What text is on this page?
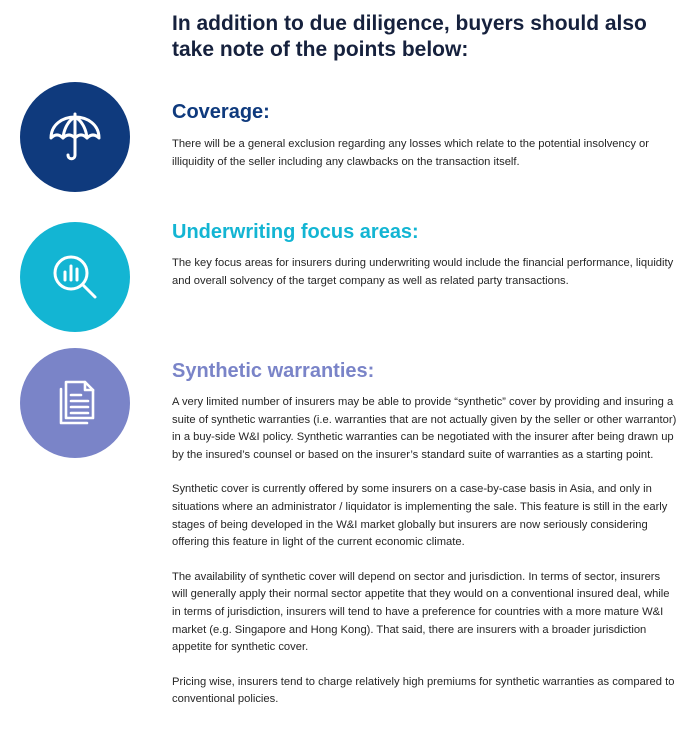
In addition to due diligence, buyers should also take note of the points below:
Coverage:

There will be a general exclusion regarding any losses which relate to the potential insolvency or illiquidity of the seller including any clawbacks on the transaction itself.

Underwriting focus areas:

The key focus areas for insurers during underwriting would include the financial performance, liquidity and overall solvency of the target company as well as related party transactions.

Synthetic warranties:

A very limited number of insurers may be able to provide “synthetic” cover by providing and insuring a suite of synthetic warranties (i.e. warranties that are not actually given by the seller or other warrantor) in a buy-side W&I policy. Synthetic warranties can be negotiated with the insurer after being drawn up by the insured’s counsel or based on the insurer’s standard suite of warranties as a starting point.

Synthetic cover is currently offered by some insurers on a case-by-case basis in Asia, and only in situations where an administrator / liquidator is implementing the sale. This feature is still in the early stages of being developed in the W&I market globally but insurers are now seriously considering offering this feature in light of the current economic climate.

The availability of synthetic cover will depend on sector and jurisdiction. In terms of sector, insurers will generally apply their normal sector appetite that they would on a conventional insured deal, while in terms of jurisdiction, insurers will tend to have a preference for countries with a more mature W&I market (e.g. Singapore and Hong Kong). That said, there are insurers with a broader jurisdiction appetite for synthetic cover.

Pricing wise, insurers tend to charge relatively high premiums for synthetic warranties as compared to conventional policies.
